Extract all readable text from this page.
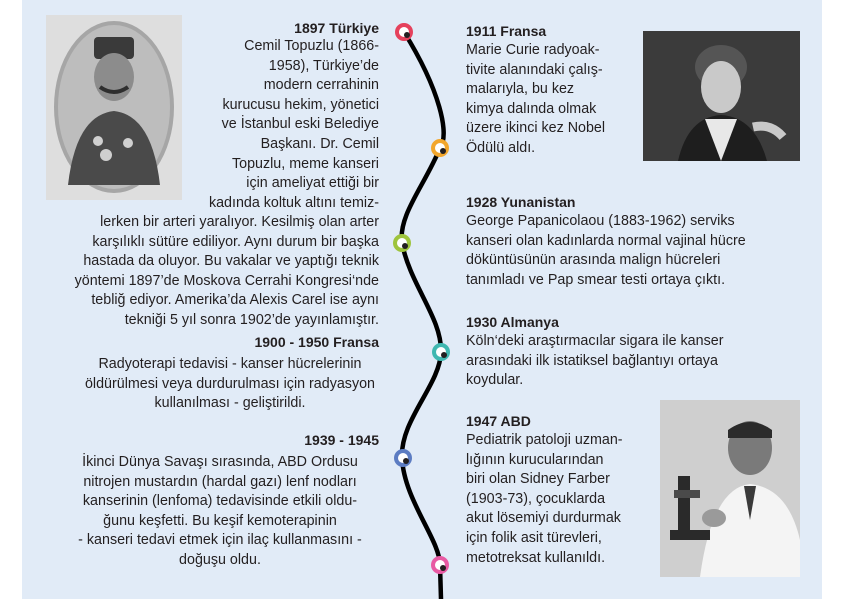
1897 Türkiye
Cemil Topuzlu (1866-
1958), Türkiye’de
modern cerrahinin
kurucusu hekim, yönetici
ve İstanbul eski Belediye
Başkanı. Dr. Cemil
Topuzlu, meme kanseri
için ameliyat ettiği bir
kadında koltuk altını temiz-
lerken bir arteri yaralıyor. Kesilmiş olan arter
karşılıklı sütüre ediliyor. Aynı durum bir başka
hastada da oluyor. Bu vakalar ve yaptığı teknik
yöntemi 1897’de Moskova Cerrahi Kongresi‘nde
tebliğ ediyor. Amerika’da Alexis Carel ise aynı
tekniği 5 yıl sonra 1902’de yayınlamıştır.
1900 - 1950 Fransa
Radyoterapi tedavisi - kanser hücrelerinin
öldürülmesi veya durdurulması için radyasyon
kullanılması - geliştirildi.
1939 - 1945
İkinci Dünya Savaşı sırasında, ABD Ordusu
nitrojen mustardın (hardal gazı) lenf nodları
kanserinin (lenfoma) tedavisinde etkili oldu-
ğunu keşfetti. Bu keşif kemoterapinin
- kanseri tedavi etmek için ilaç kullanmasını -
doğuşu oldu.
1911 Fransa
Marie Curie radyoak-
tivite alanındaki çalış-
malarıyla, bu kez
kimya dalında olmak
üzere ikinci kez Nobel
Ödülü aldı.
1928 Yunanistan
George Papanicolaou (1883-1962) serviks
kanseri olan kadınlarda normal vajinal hücre
döküntüsünün arasında malign hücreleri
tanımladı ve Pap smear testi ortaya çıktı.
1930 Almanya
Köln‘deki araştırmacılar sigara ile kanser
arasındaki ilk istatiksel bağlantıyı ortaya
koydular.
1947 ABD
Pediatrik patoloji uzman-
lığının kurucularından
biri olan Sidney Farber
(1903-73), çocuklarda
akut lösemiyi durdurmak
için folik asit türevleri,
metotreksat kullanıldı.
